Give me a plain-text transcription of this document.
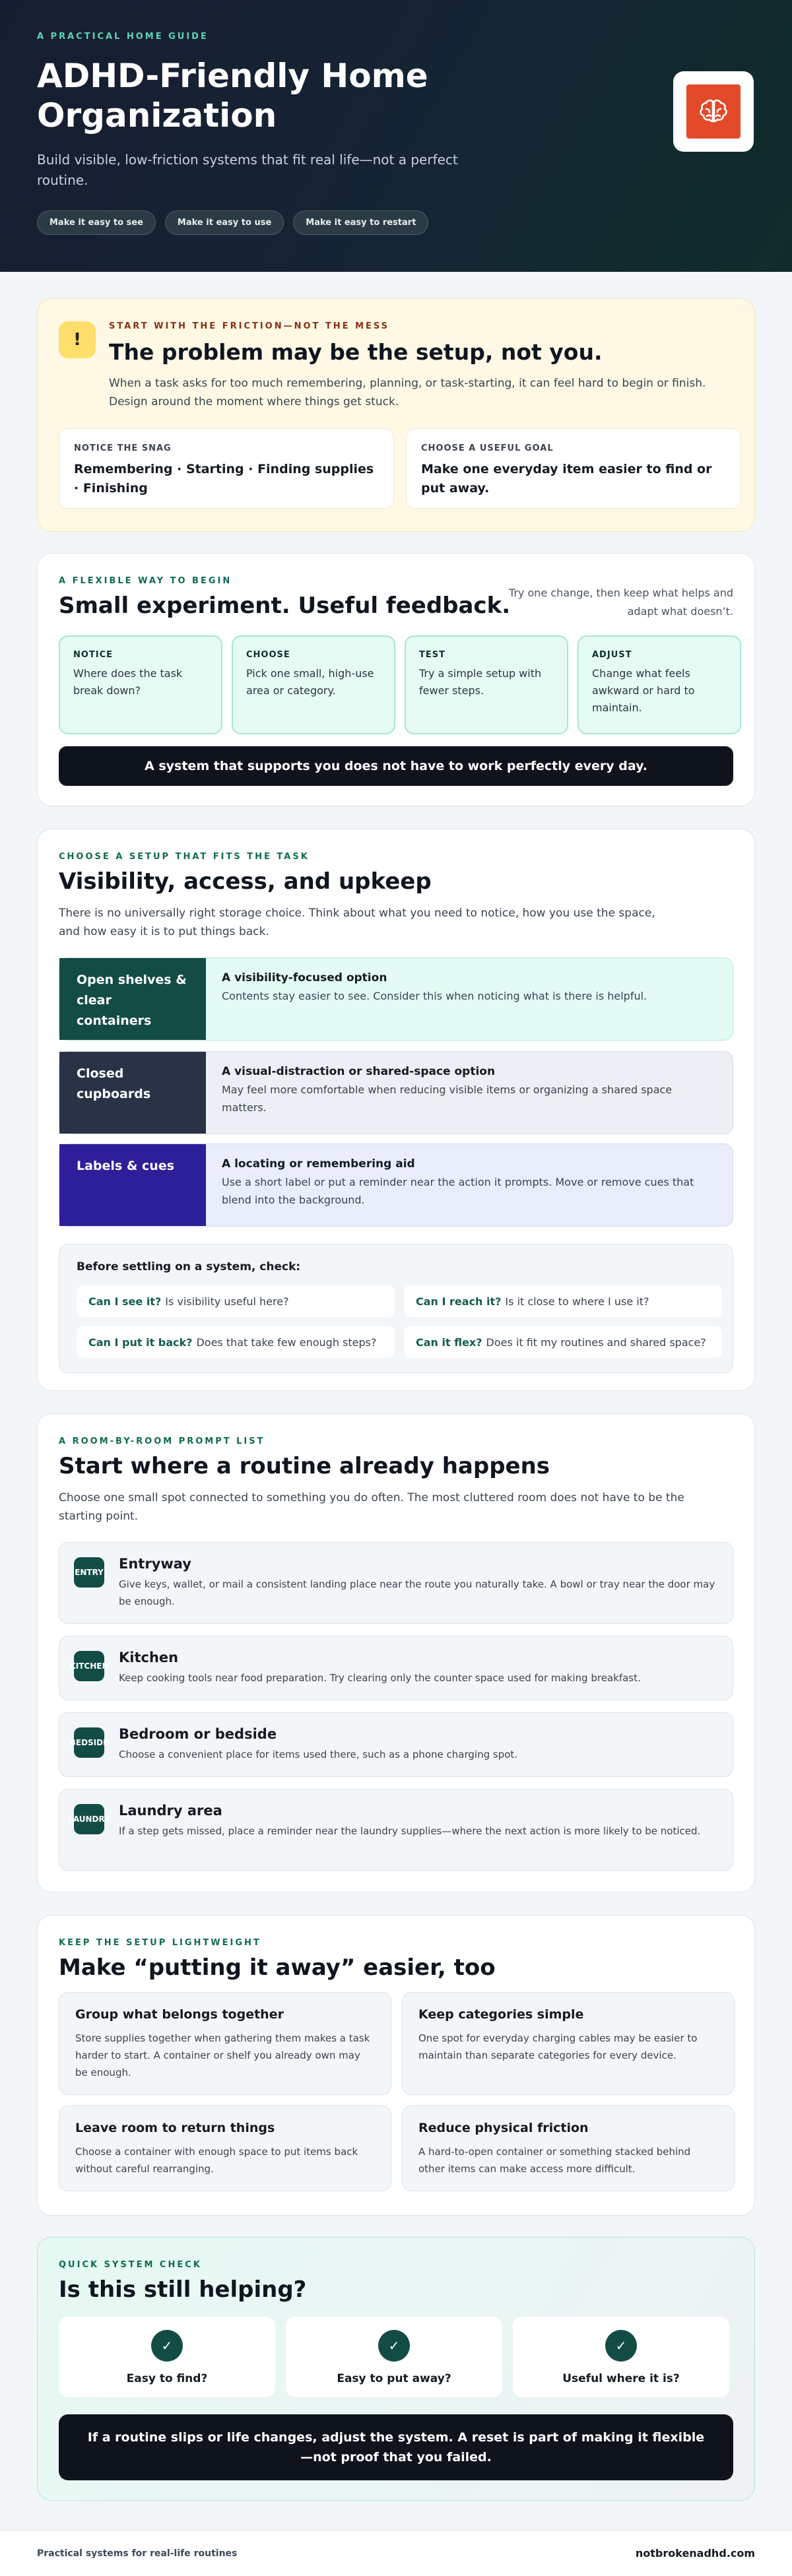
A PRACTICAL HOME GUIDE
ADHD-Friendly Home Organization

Build visible, low-friction systems that fit real life—not a perfect routine.

Make it easy to see	Make it easy to use	Make it easy to restart
!
START WITH THE FRICTION—NOT THE MESS
The problem may be the setup, not you.

When a task asks for too much remembering, planning, or task-starting, it can feel hard to begin or finish. Design around the moment where things get stuck.

NOTICE THE SNAG
Remembering · Starting · Finding supplies · Finishing
CHOOSE A USEFUL GOAL
Make one everyday item easier to find or put away.
A FLEXIBLE WAY TO BEGIN
Small experiment. Useful feedback.

Try one change, then keep what helps and adapt what doesn’t.

NOTICE
Where does the task break down?
CHOOSE
Pick one small, high-use area or category.
TEST
Try a simple setup with fewer steps.
ADJUST
Change what feels awkward or hard to maintain.
A system that supports you does not have to work perfectly every day.
CHOOSE A SETUP THAT FITS THE TASK
Visibility, access, and upkeep

There is no universally right storage choice. Think about what you need to notice, how you use the space, and how easy it is to put things back.

Open shelves & clear containers
A visibility-focused option
Contents stay easier to see. Consider this when noticing what is there is helpful.
Closed cupboards
A visual-distraction or shared-space option
May feel more comfortable when reducing visible items or organizing a shared space matters.
Labels & cues	A locating or remembering aid
Use a short label or put a reminder near the action it prompts. Move or remove cues that blend into the background.
Before settling on a system, check:
Can I see it? Is visibility useful here?	Can I reach it? Is it close to where I use it?
Can I put it back? Does that take few enough steps?	Can it flex? Does it fit my routines and shared space?
A ROOM-BY-ROOM PROMPT LIST
Start where a routine already happens

Choose one small spot connected to something you do often. The most cluttered room does not have to be the starting point.

ENTRY
Entryway
Give keys, wallet, or mail a consistent landing place near the route you naturally take. A bowl or tray near the door may be enough.
KITCHEN
Kitchen
Keep cooking tools near food preparation. Try clearing only the counter space used for making breakfast.
BEDSIDE
Bedroom or bedside
Choose a convenient place for items used there, such as a phone charging spot.
LAUNDRY
Laundry area
If a step gets missed, place a reminder near the laundry supplies—where the next action is more likely to be noticed.
KEEP THE SETUP LIGHTWEIGHT
Make “putting it away” easier, too
Group what belongs together
Store supplies together when gathering them makes a task harder to start. A container or shelf you already own may be enough.
Keep categories simple
One spot for everyday charging cables may be easier to maintain than separate categories for every device.
Leave room to return things
Choose a container with enough space to put items back without careful rearranging.
Reduce physical friction
A hard-to-open container or something stacked behind other items can make access more difficult.
QUICK SYSTEM CHECK
Is this still helping?
✓
Easy to find?
✓
Easy to put away?
✓
Useful where it is?
If a routine slips or life changes, adjust the system. A reset is part of making it flexible—not proof that you failed.
Practical systems for real-life routines	notbrokenadhd.com
